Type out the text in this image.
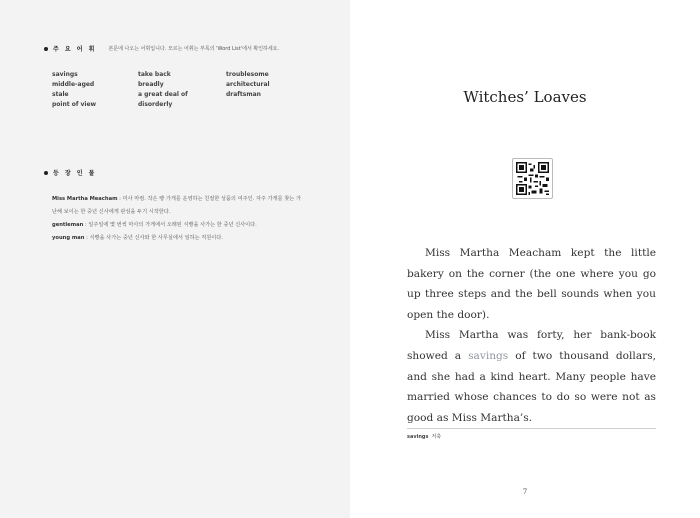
주 요 어 휘 본문에 나오는 어휘입니다. 모르는 어휘는 부록의 'Word List'에서 확인하세요.
savings	take back	troublesome
middle-aged	breadly	architectural
stale	a great deal of	draftsman
point of view	disorderly
등 장 인 물
Miss Martha Meacham : 미사 마컴. 작은 빵 가게를 운영하는 친절한 성품의 여주인. 자주 가게를 찾는 가난해 보이는 한 중년 신사에게 관심을 두기 시작한다.
gentleman : 일주일에 몇 번씩 마사의 가게에서 오래된 식빵을 사가는 한 중년 신사이다.
young man : 식빵을 사가는 중년 신사와 한 사무실에서 일하는 직원이다.
Witches’ Loaves

Miss Martha Meacham kept the little bakery on the corner (the one where you go up three steps and the bell sounds when you open the door).

Miss Martha was forty, her bank-book showed a savings of two thousand dollars, and she had a kind heart. Many people have married whose chances to do so were not as good as Miss Martha’s.

savings 저축
7
